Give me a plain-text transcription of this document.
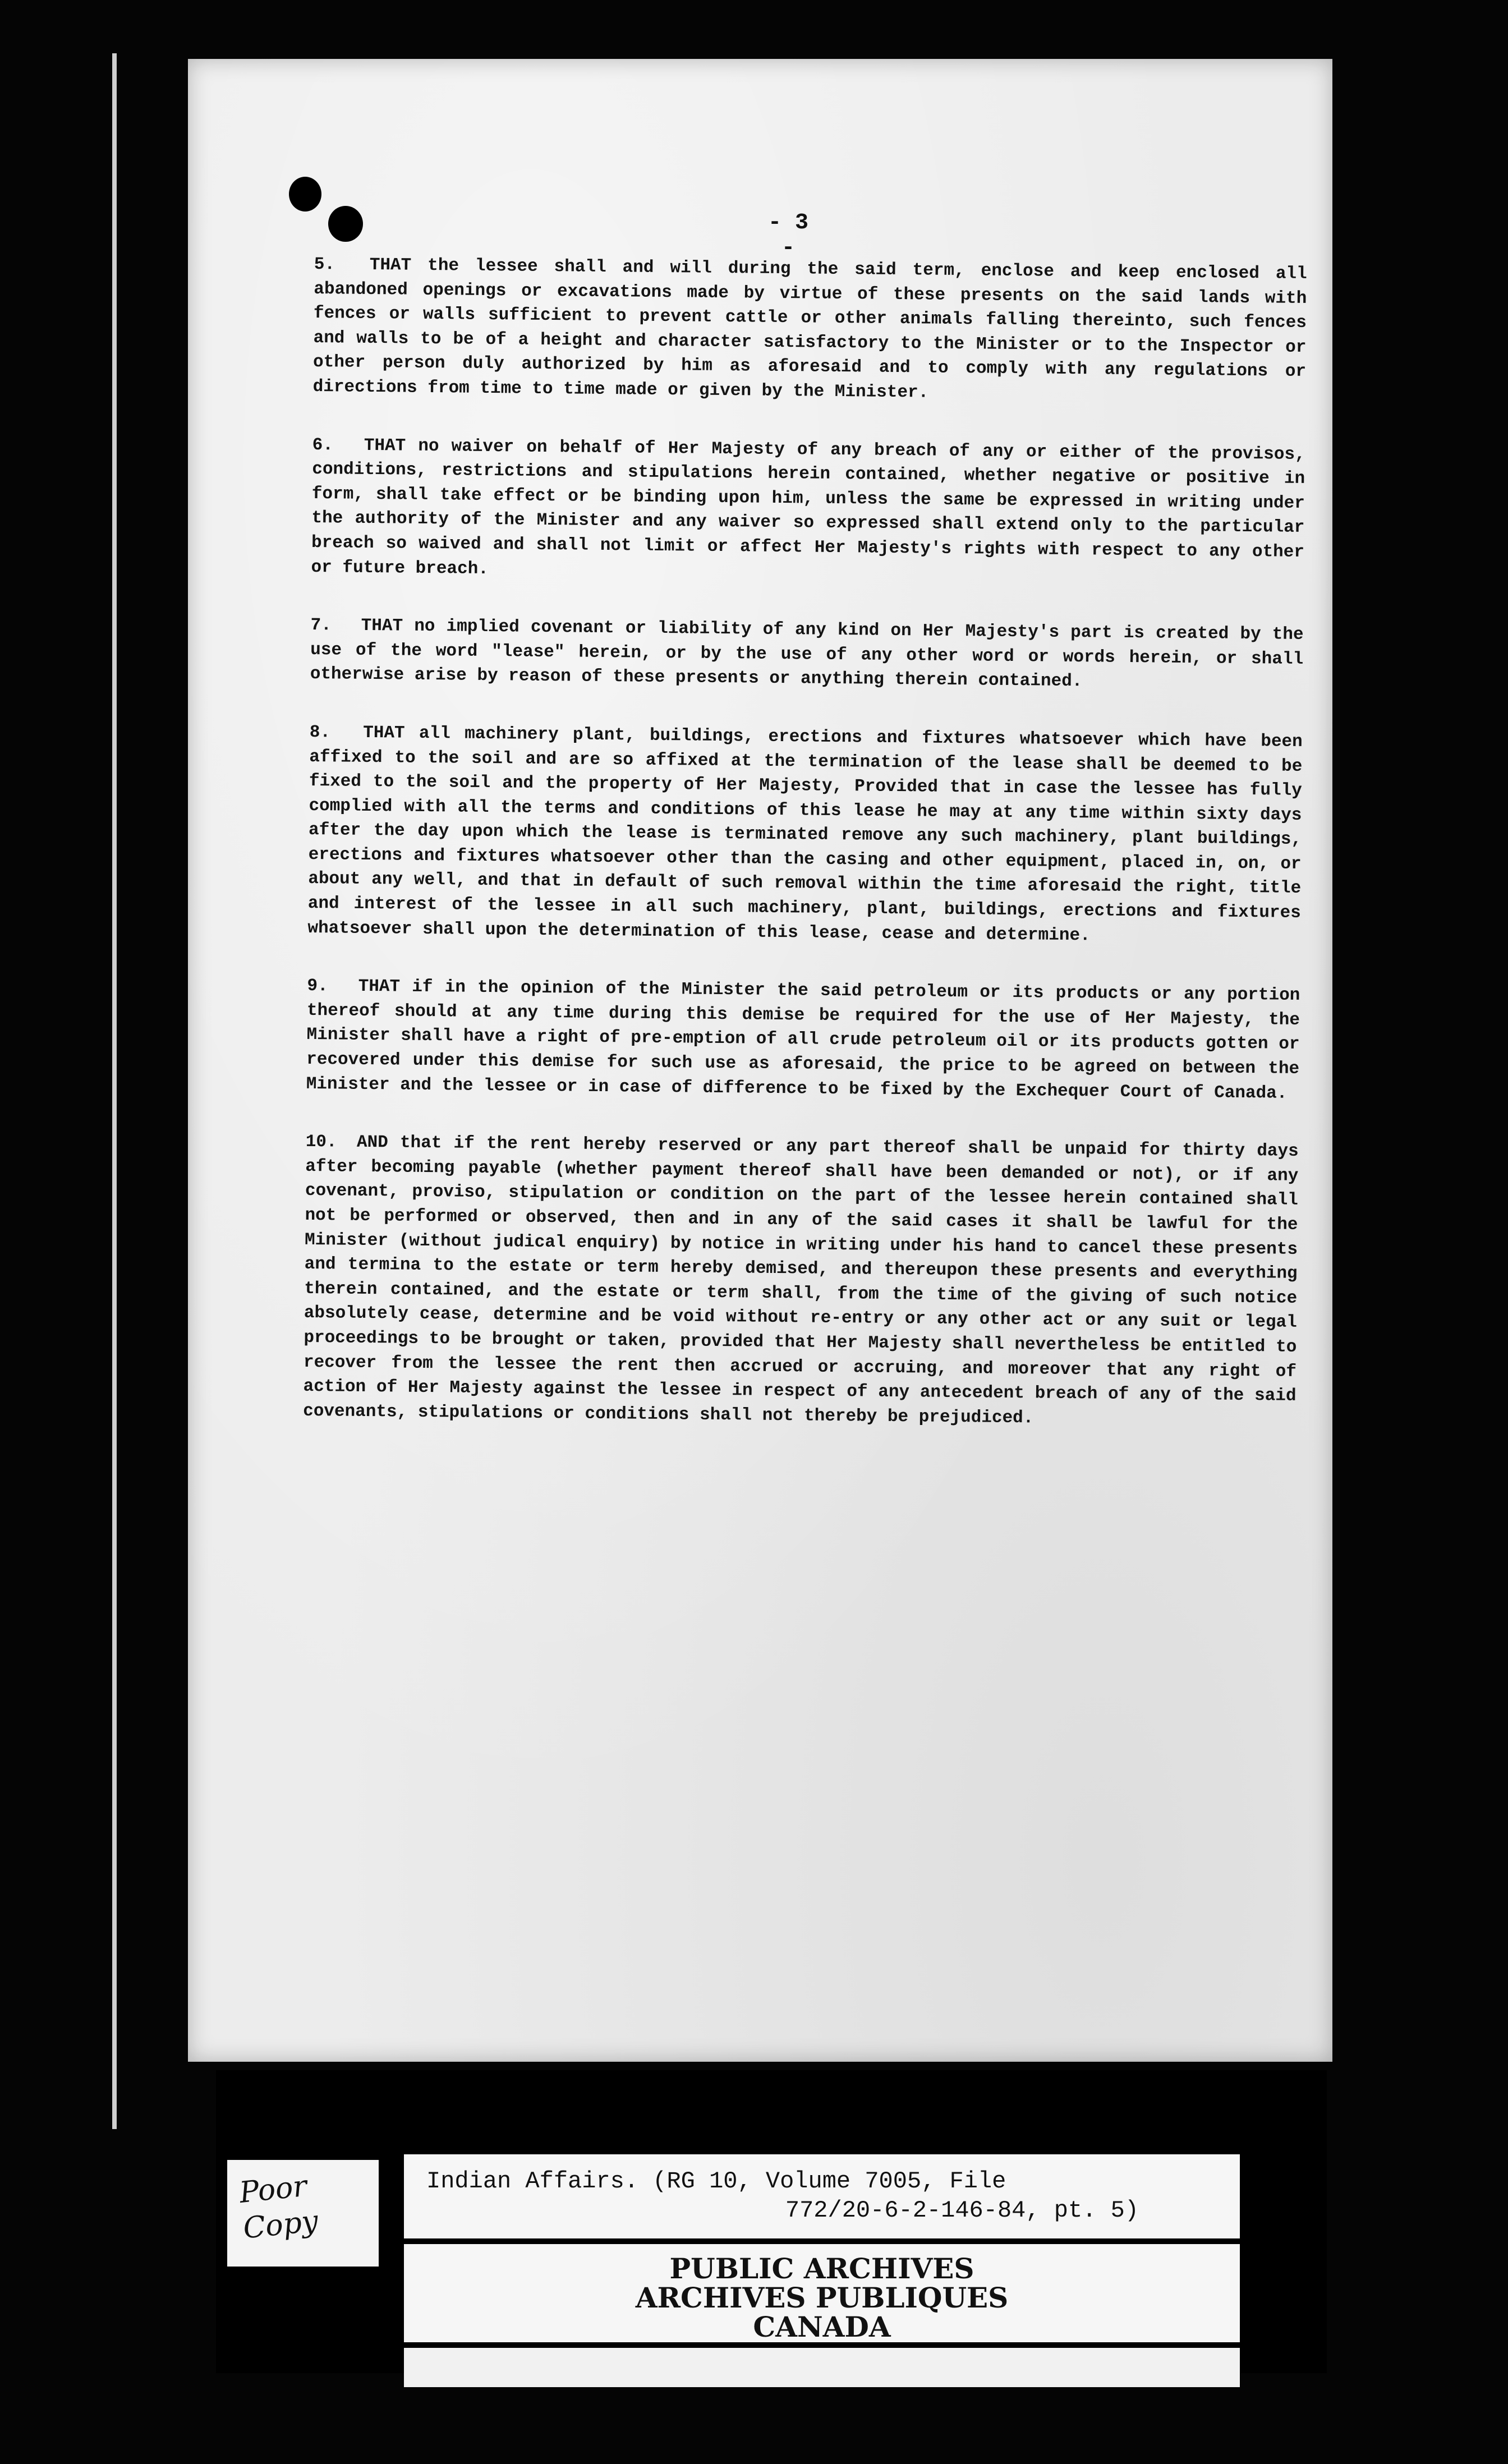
- 3 -

5. THAT the lessee shall and will during the said term, enclose and keep enclosed all abandoned openings or excavations made by virtue of these presents on the said lands with fences or walls sufficient to prevent cattle or other animals falling thereinto, such fences and walls to be of a height and character satisfactory to the Minister or to the Inspector or other person duly authorized by him as aforesaid and to comply with any regulations or directions from time to time made or given by the Minister.

6. THAT no waiver on behalf of Her Majesty of any breach of any or either of the provisos, conditions, restrictions and stipulations herein contained, whether negative or positive in form, shall take effect or be binding upon him, unless the same be expressed in writing under the authority of the Minister and any waiver so expressed shall extend only to the particular breach so waived and shall not limit or affect Her Majesty's rights with respect to any other or future breach.

7. THAT no implied covenant or liability of any kind on Her Majesty's part is created by the use of the word "lease" herein, or by the use of any other word or words herein, or shall otherwise arise by reason of these presents or anything therein contained.

8. THAT all machinery plant, buildings, erections and fixtures whatsoever which have been affixed to the soil and are so affixed at the termination of the lease shall be deemed to be fixed to the soil and the property of Her Majesty, Provided that in case the lessee has fully complied with all the terms and conditions of this lease he may at any time within sixty days after the day upon which the lease is terminated remove any such machinery, plant buildings, erections and fixtures whatsoever other than the casing and other equipment, placed in, on, or about any well, and that in default of such removal within the time aforesaid the right, title and interest of the lessee in all such machinery, plant, buildings, erections and fixtures whatsoever shall upon the determination of this lease, cease and determine.

9. THAT if in the opinion of the Minister the said petroleum or its products or any portion thereof should at any time during this demise be required for the use of Her Majesty, the Minister shall have a right of pre-emption of all crude petroleum oil or its products gotten or recovered under this demise for such use as aforesaid, the price to be agreed on between the Minister and the lessee or in case of difference to be fixed by the Exchequer Court of Canada.

10. AND that if the rent hereby reserved or any part thereof shall be unpaid for thirty days after becoming payable (whether payment thereof shall have been demanded or not), or if any covenant, proviso, stipulation or condition on the part of the lessee herein contained shall not be performed or observed, then and in any of the said cases it shall be lawful for the Minister (without judical enquiry) by notice in writing under his hand to cancel these presents and termina to the estate or term hereby demised, and thereupon these presents and everything therein contained, and the estate or term shall, from the time of the giving of such notice absolutely cease, determine and be void without re-entry or any other act or any suit or legal proceedings to be brought or taken, provided that Her Majesty shall nevertheless be entitled to recover from the lessee the rent then accrued or accruing, and moreover that any right of action of Her Majesty against the lessee in respect of any antecedent breach of any of the said covenants, stipulations or conditions shall not thereby be prejudiced.

Poor
Copy
Indian Affairs. (RG 10, Volume 7005, File
772/20-6-2-146-84, pt. 5)
PUBLIC ARCHIVES
ARCHIVES PUBLIQUES
CANADA
